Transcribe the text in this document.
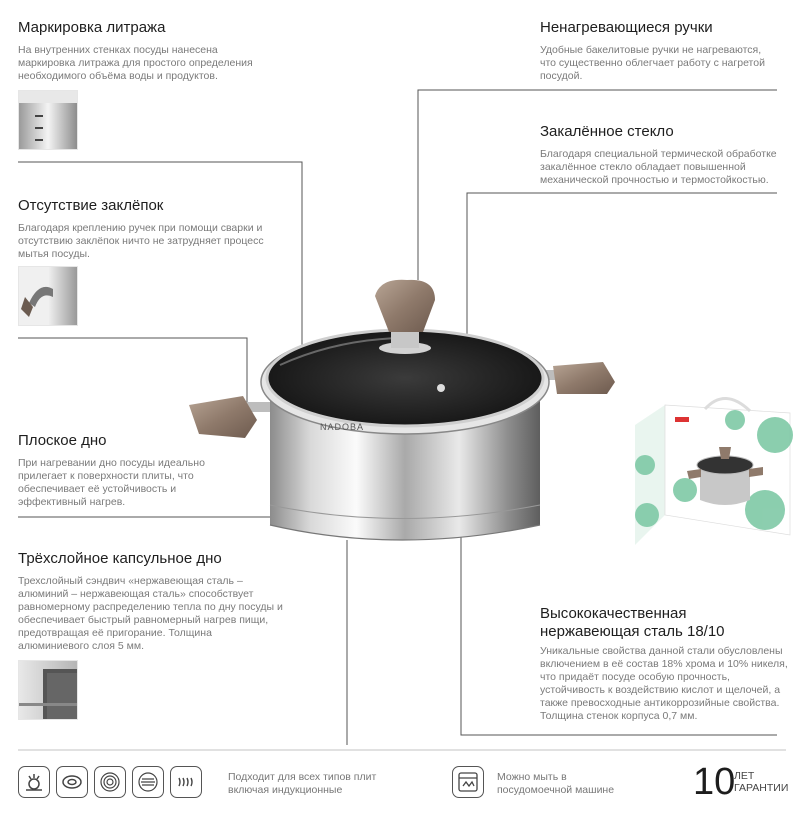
Маркировка литража

На внутренних стенках посуды нанесена маркировка литража для простого определения необходимого объёма воды и продуктов.

Отсутствие заклёпок

Благодаря креплению ручек при помощи сварки и отсутствию заклёпок ничто не затрудняет процесс мытья посуды.

Плоское дно

При нагревании дно посуды идеально прилегает к поверхности плиты, что обеспечивает её устойчивость и эффективный нагрев.

Трёхслойное капсульное дно

Трехслойный сэндвич «нержавеющая сталь – алюминий – нержавеющая сталь» способствует равномерному распределению тепла по дну посуды и обеспечивает быстрый равномерный нагрев пищи, предотвращая её пригорание. Толщина алюминиевого слоя 5 мм.

Ненагревающиеся ручки

Удобные бакелитовые ручки не нагреваются, что существенно облегчает работу с нагретой посудой.

Закалённое стекло

Благодаря специальной термической обработке закалённое стекло обладает повышенной механической прочностью и термостойкостью.

Высококачественная
нержавеющая сталь 18/10

Уникальные свойства данной стали обусловлены включением в её состав 18% хрома и 10% никеля, что придаёт посуде особую прочность, устойчивость к воздействию кислот и щелочей, а также превосходные антикоррозийные свойства. Толщина стенок корпуса 0,7 мм.

NADOBA
Подходит для всех типов плит включая индукционные
Можно мыть в посудомоечной машине	10
ЛЕТ
ГАРАНТИИ
